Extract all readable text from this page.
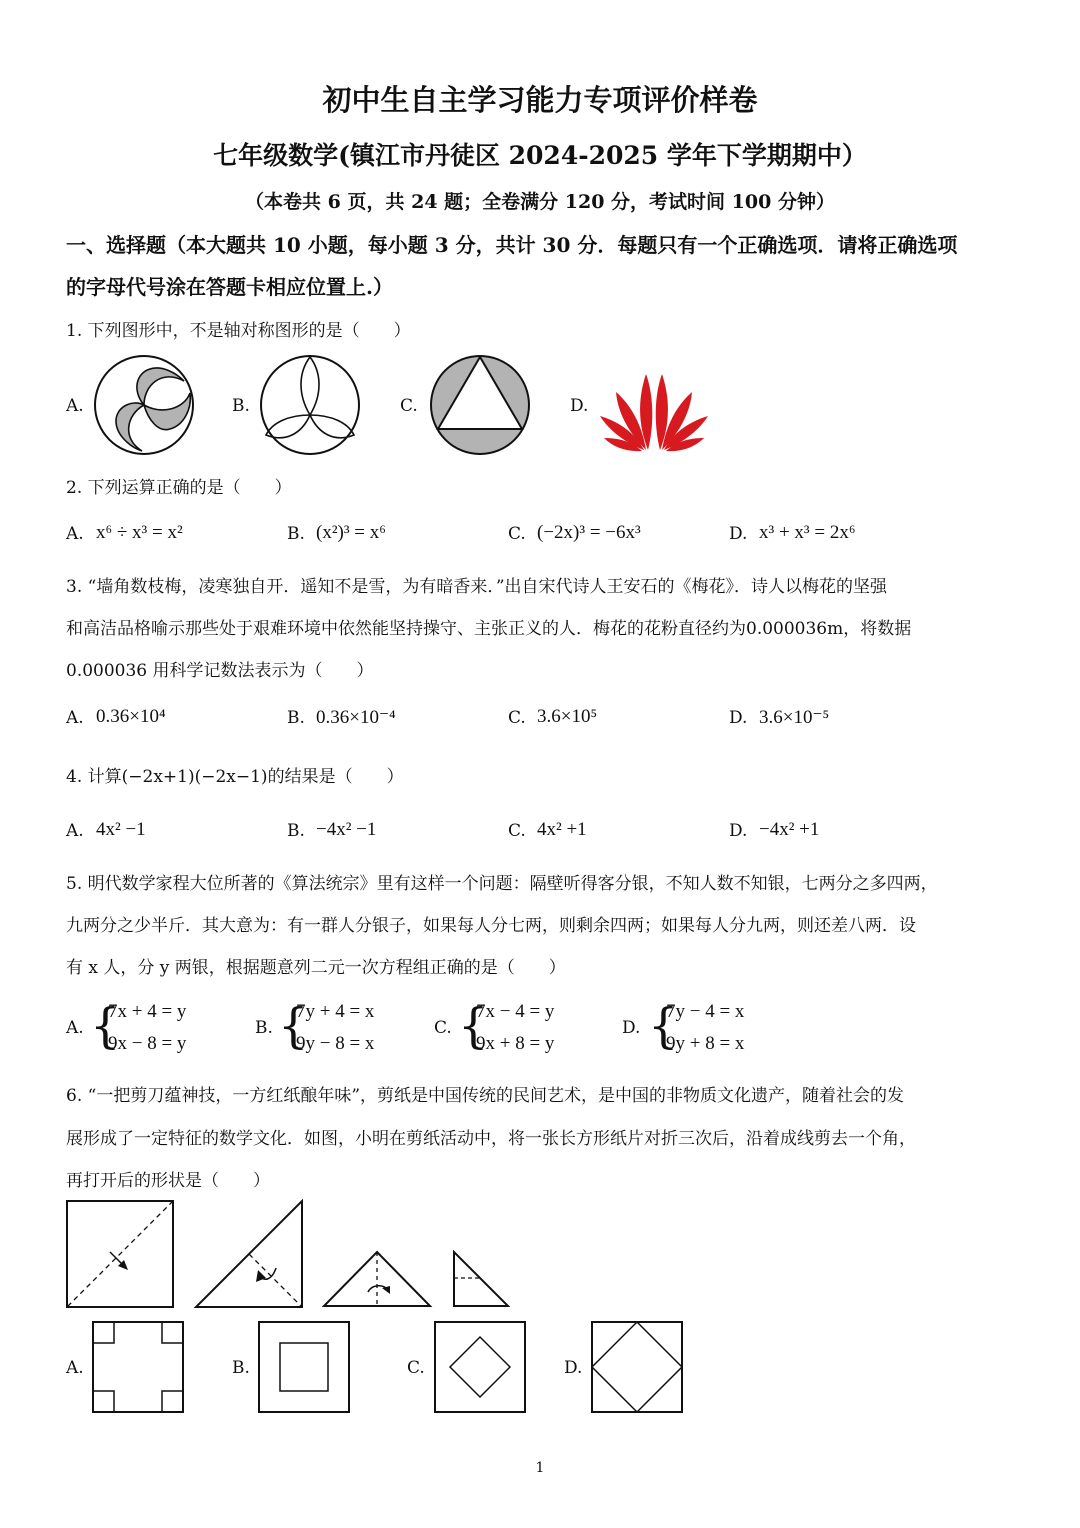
初中生自主学习能力专项评价样卷
七年级数学(镇江市丹徒区 2024-2025 学年下学期期中）
（本卷共 6 页，共 24 题；全卷满分 120 分，考试时间 100 分钟）
一、选择题（本大题共 10 小题，每小题 3 分，共计 30 分．每题只有一个正确选项．请将正确选项
的字母代号涂在答题卡相应位置上.）
1. 下列图形中，不是轴对称图形的是（　　）
A.	B.	C.	D.
2. 下列运算正确的是（　　）
A. x⁶ ÷ x³ = x²	B. (x²)³ = x⁶	C. (−2x)³ = −6x³	D. x³ + x³ = 2x⁶
3. “墙角数枝梅，凌寒独自开．遥知不是雪，为有暗香来．”出自宋代诗人王安石的《梅花》．诗人以梅花的坚强
和高洁品格喻示那些处于艰难环境中依然能坚持操守、主张正义的人．梅花的花粉直径约为0.000036m，将数据
0.000036 用科学记数法表示为（　　）
A. 0.36×10⁴	B. 0.36×10⁻⁴	C. 3.6×10⁵	D. 3.6×10⁻⁵
4. 计算(−2x+1)(−2x−1)的结果是（　　）
A. 4x² −1	B. −4x² −1	C. 4x² +1	D. −4x² +1
5. 明代数学家程大位所著的《算法统宗》里有这样一个问题：隔壁听得客分银，不知人数不知银，七两分之多四两，
九两分之少半斤．其大意为：有一群人分银子，如果每人分七两，则剩余四两；如果每人分九两，则还差八两．设
有 x 人，分 y 两银，根据题意列二元一次方程组正确的是（　　）
A. {
7x + 4 = y
9x − 8 = y
B. {
7y + 4 = x
9y − 8 = x
C. {
7x − 4 = y
9x + 8 = y
D. {
7y − 4 = x
9y + 8 = x
6. “一把剪刀蕴神技，一方红纸酿年味”，剪纸是中国传统的民间艺术，是中国的非物质文化遗产，随着社会的发
展形成了一定特征的数学文化．如图，小明在剪纸活动中，将一张长方形纸片对折三次后，沿着成线剪去一个角，
再打开后的形状是（　　）
A.	B.	C.	D.
1
